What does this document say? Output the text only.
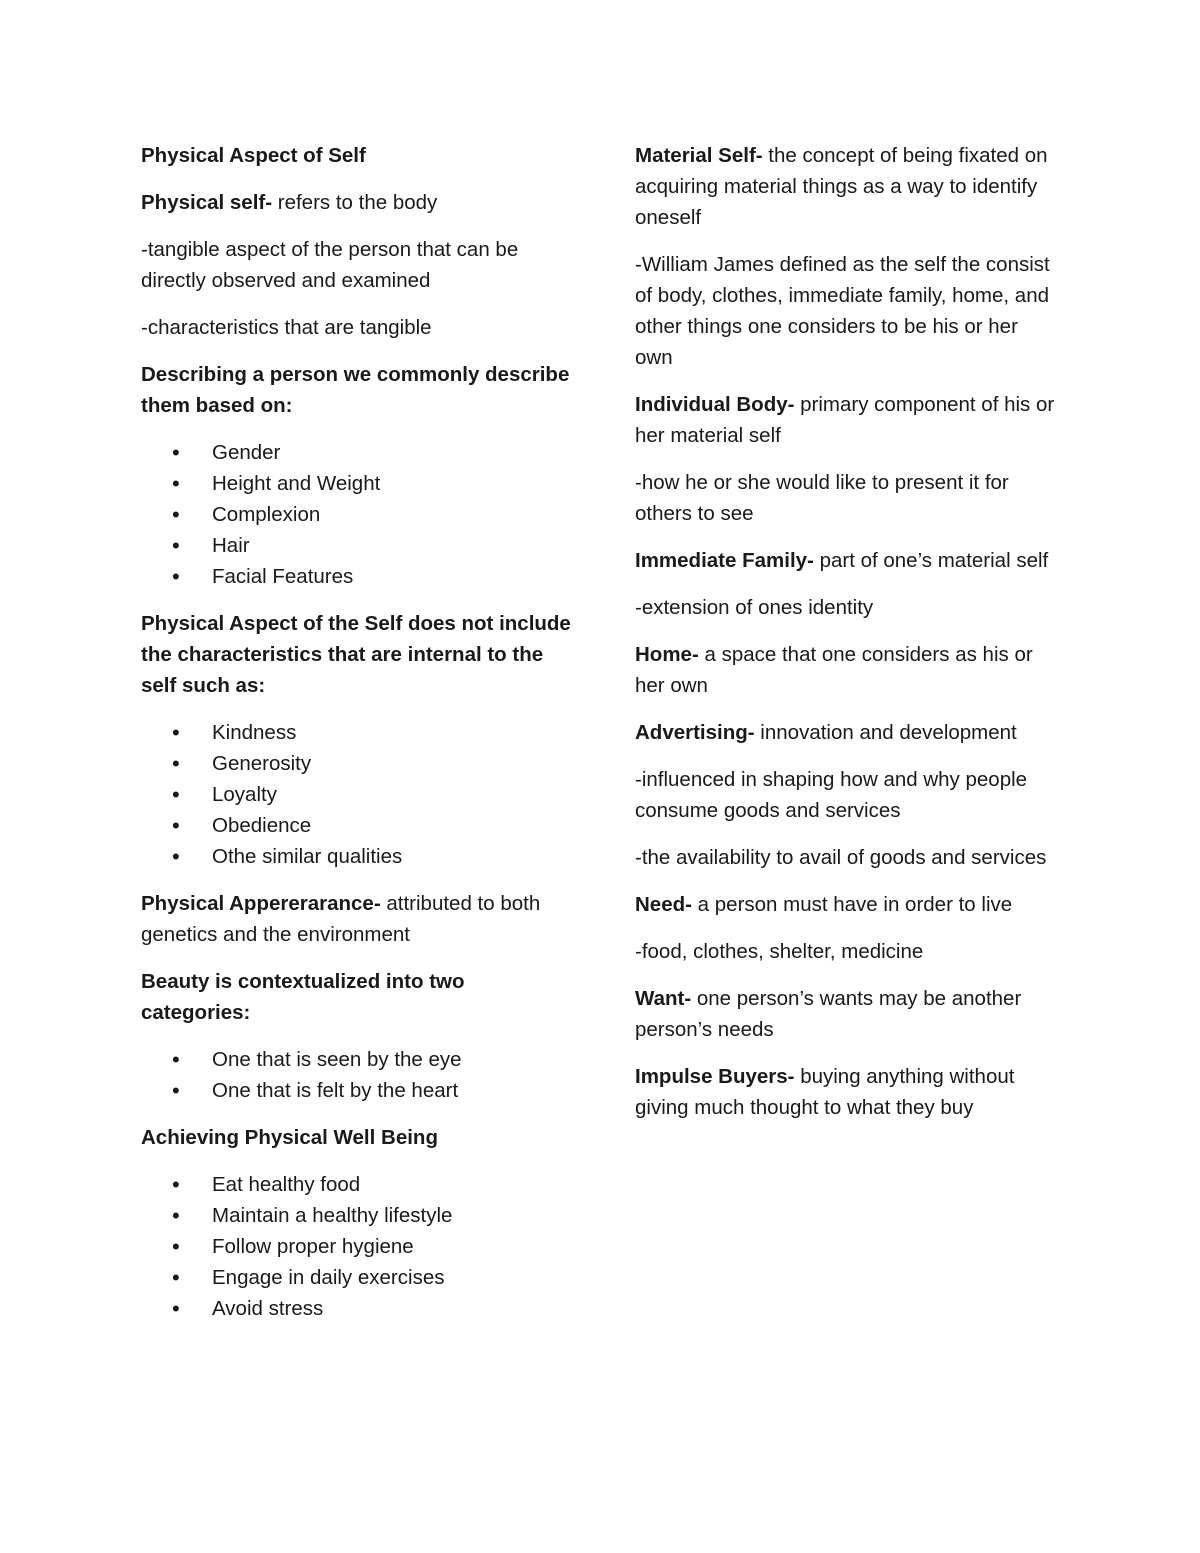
Physical Aspect of Self

Physical self- refers to the body

-tangible aspect of the person that can be directly observed and examined

-characteristics that are tangible

Describing a person we commonly describe them based on:

• Gender
• Height and Weight
• Complexion
• Hair
• Facial Features

Physical Aspect of the Self does not include the characteristics that are internal to the self such as:

• Kindness
• Generosity
• Loyalty
• Obedience
• Othe similar qualities

Physical Appererarance- attributed to both genetics and the environment

Beauty is contextualized into two categories:

• One that is seen by the eye
• One that is felt by the heart

Achieving Physical Well Being

• Eat healthy food
• Maintain a healthy lifestyle
• Follow proper hygiene
• Engage in daily exercises
• Avoid stress

Material Self- the concept of being fixated on acquiring material things as a way to identify oneself

-William James defined as the self the consist of body, clothes, immediate family, home, and other things one considers to be his or her own

Individual Body- primary component of his or her material self

-how he or she would like to present it for others to see

Immediate Family- part of one’s material self

-extension of ones identity

Home- a space that one considers as his or her own

Advertising- innovation and development

-influenced in shaping how and why people consume goods and services

-the availability to avail of goods and services

Need- a person must have in order to live

-food, clothes, shelter, medicine

Want- one person’s wants may be another person’s needs

Impulse Buyers- buying anything without giving much thought to what they buy
